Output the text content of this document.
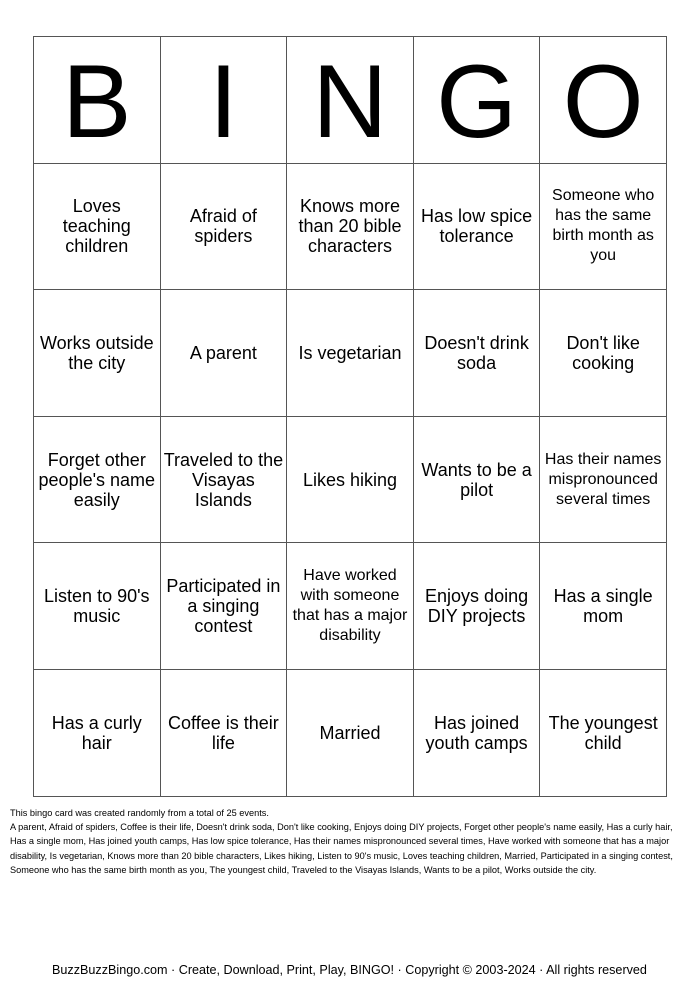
B	I	N	G	O
Loves teaching children	Afraid of spiders	Knows more than 20 bible characters	Has low spice tolerance	Someone who has the same birth month as you
Works outside the city	A parent	Is vegetarian	Doesn't drink soda	Don't like cooking
Forget other people's name easily	Traveled to the Visayas Islands	Likes hiking	Wants to be a pilot	Has their names mispronounced several times
Listen to 90's music	Participated in a singing contest	Have worked with someone that has a major disability	Enjoys doing DIY projects	Has a single mom
Has a curly hair	Coffee is their life	Married	Has joined youth camps	The youngest child
This bingo card was created randomly from a total of 25 events.
A parent, Afraid of spiders, Coffee is their life, Doesn't drink soda, Don't like cooking, Enjoys doing DIY projects, Forget other people's name easily, Has a curly hair, Has a single mom, Has joined youth camps, Has low spice tolerance, Has their names mispronounced several times, Have worked with someone that has a major disability, Is vegetarian, Knows more than 20 bible characters, Likes hiking, Listen to 90's music, Loves teaching children, Married, Participated in a singing contest, Someone who has the same birth month as you, The youngest child, Traveled to the Visayas Islands, Wants to be a pilot, Works outside the city.
BuzzBuzzBingo.com · Create, Download, Print, Play, BINGO! · Copyright © 2003-2024 · All rights reserved
